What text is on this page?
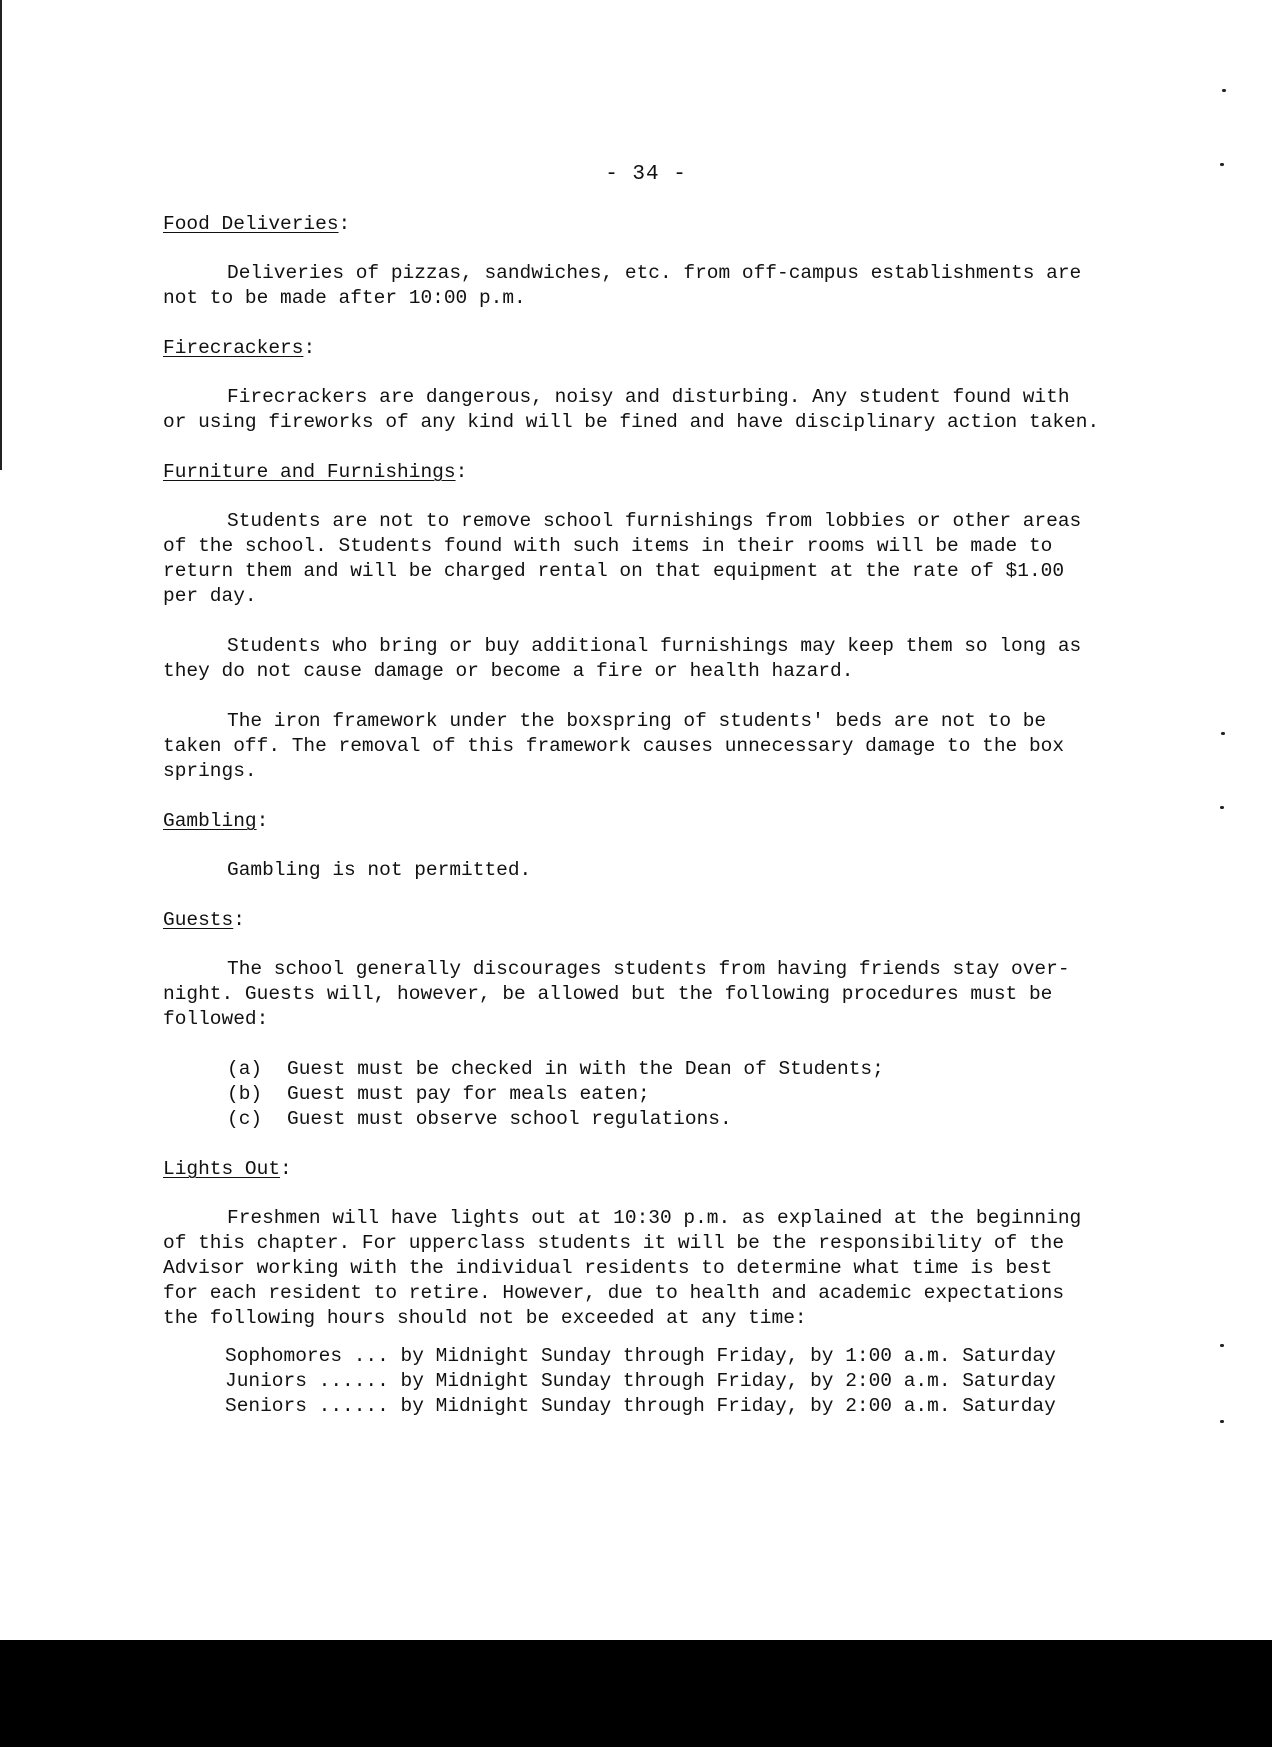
- 34 -

Food Deliveries:

Deliveries of pizzas, sandwiches, etc. from off-campus establishments are
not to be made after 10:00 p.m.

Firecrackers:

Firecrackers are dangerous, noisy and disturbing. Any student found with
or using fireworks of any kind will be fined and have disciplinary action taken.

Furniture and Furnishings:

Students are not to remove school furnishings from lobbies or other areas
of the school. Students found with such items in their rooms will be made to
return them and will be charged rental on that equipment at the rate of $1.00
per day.

Students who bring or buy additional furnishings may keep them so long as
they do not cause damage or become a fire or health hazard.

The iron framework under the boxspring of students' beds are not to be
taken off. The removal of this framework causes unnecessary damage to the box
springs.

Gambling:

Gambling is not permitted.

Guests:

The school generally discourages students from having friends stay over-
night. Guests will, however, be allowed but the following procedures must be
followed:

(a) Guest must be checked in with the Dean of Students;
(b) Guest must pay for meals eaten;
(c) Guest must observe school regulations.

Lights Out:

Freshmen will have lights out at 10:30 p.m. as explained at the beginning
of this chapter. For upperclass students it will be the responsibility of the
Advisor working with the individual residents to determine what time is best
for each resident to retire. However, due to health and academic expectations
the following hours should not be exceeded at any time:

Sophomores ... by Midnight Sunday through Friday, by 1:00 a.m. Saturday
Juniors ...... by Midnight Sunday through Friday, by 2:00 a.m. Saturday
Seniors ...... by Midnight Sunday through Friday, by 2:00 a.m. Saturday
